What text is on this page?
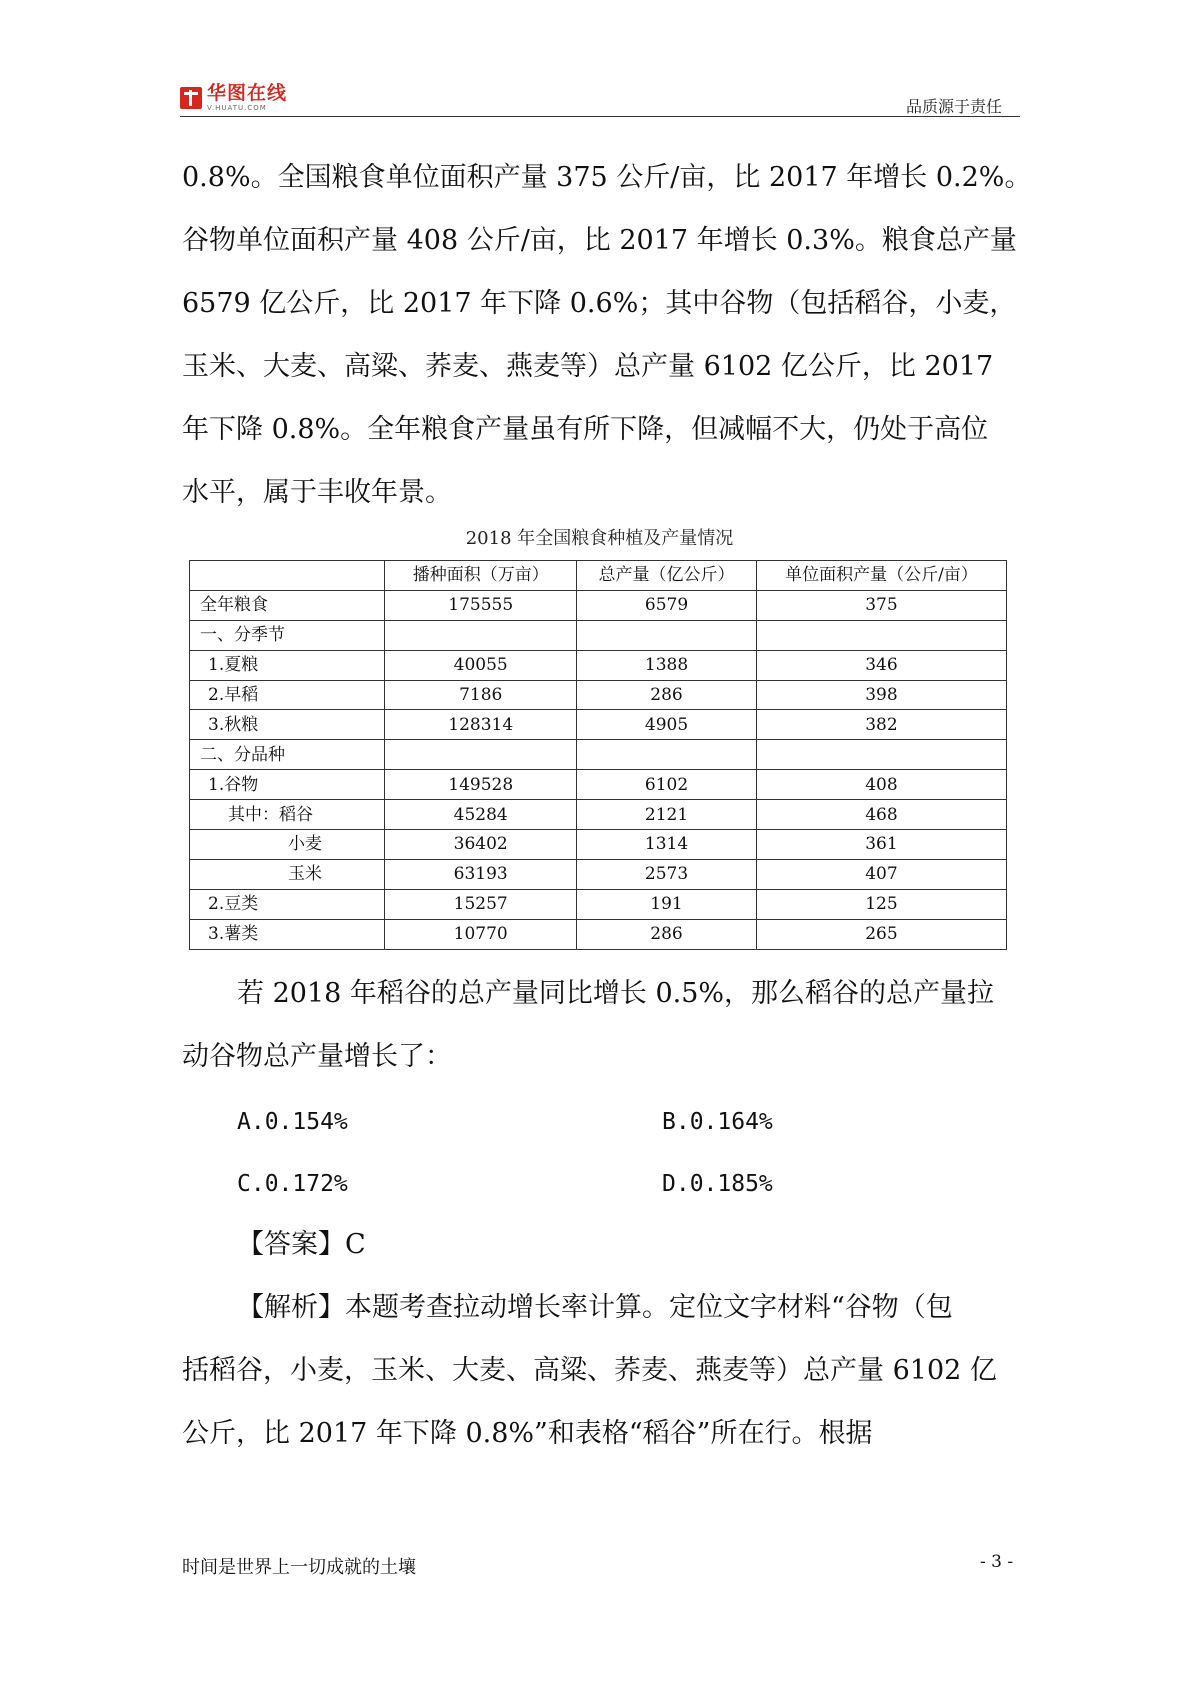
华图在线
V.HUATU.COM	品质源于责任
0.8%。全国粮食单位面积产量 375 公斤/亩，比 2017 年增长 0.2%。
谷物单位面积产量 408 公斤/亩，比 2017 年增长 0.3%。粮食总产量
6579 亿公斤，比 2017 年下降 0.6%；其中谷物（包括稻谷，小麦，
玉米、大麦、高粱、荞麦、燕麦等）总产量 6102 亿公斤，比 2017
年下降 0.8%。全年粮食产量虽有所下降，但减幅不大，仍处于高位
水平，属于丰收年景。
2018 年全国粮食种植及产量情况
	播种面积（万亩）	总产量（亿公斤）	单位面积产量（公斤/亩）
全年粮食	175555	6579	375
一、分季节			
1.夏粮	40055	1388	346
2.早稻	7186	286	398
3.秋粮	128314	4905	382
二、分品种			
1.谷物	149528	6102	408
其中：稻谷	45284	2121	468
小麦	36402	1314	361
玉米	63193	2573	407
2.豆类	15257	191	125
3.薯类	10770	286	265
若 2018 年稻谷的总产量同比增长 0.5%，那么稻谷的总产量拉
动谷物总产量增长了：
A.0.154%	B.0.164%
C.0.172%	D.0.185%
【答案】C
【解析】本题考查拉动增长率计算。定位文字材料“谷物（包
括稻谷，小麦，玉米、大麦、高粱、荞麦、燕麦等）总产量 6102 亿
公斤，比 2017 年下降 0.8%”和表格“稻谷”所在行。根据
时间是世界上一切成就的土壤	- 3 -
